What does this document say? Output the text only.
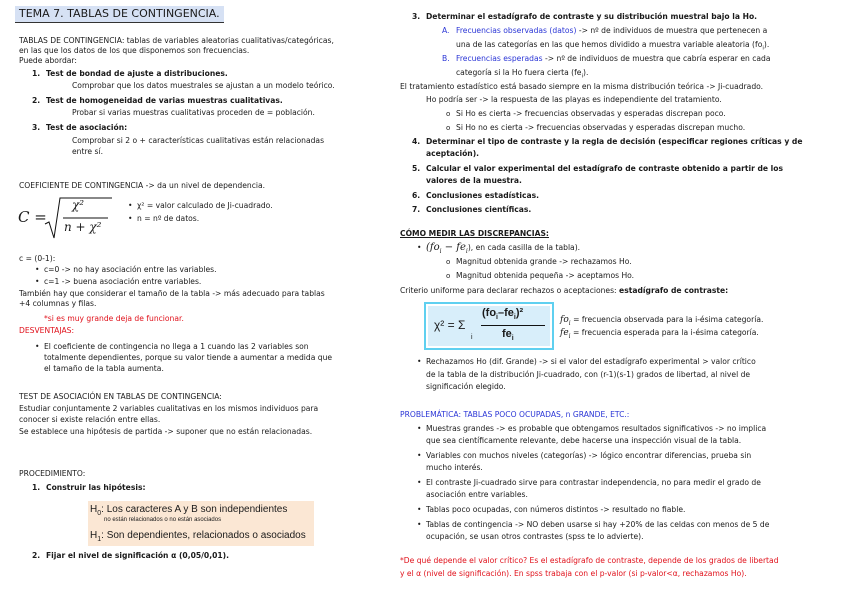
TEMA 7. TABLAS DE CONTINGENCIA.
TABLAS DE CONTINGENCIA: tablas de variables aleatorias cualitativas/categóricas,
en las que los datos de los que disponemos son frecuencias.
Puede abordar:
1. Test de bondad de ajuste a distribuciones.
Comprobar que los datos muestrales se ajustan a un modelo teórico.
2. Test de homogeneidad de varias muestras cualitativas.
Probar si varias muestras cualitativas proceden de = población.
3. Test de asociación:
Comprobar si 2 o + características cualitativas están relacionadas
entre sí.
COEFICIENTE DE CONTINGENCIA -> da un nivel de dependencia.
C =
χ²
n + χ²
• χ² = valor calculado de Ji-cuadrado.
• n = nº de datos.
c = (0-1):
• c=0 -> no hay asociación entre las variables.
• c=1 -> buena asociación entre variables.
También hay que considerar el tamaño de la tabla -> más adecuado para tablas
+4 columnas y filas.
*si es muy grande deja de funcionar.
DESVENTAJAS:
• El coeficiente de contingencia no llega a 1 cuando las 2 variables son
totalmente dependientes, porque su valor tiende a aumentar a medida que
el tamaño de la tabla aumenta.
TEST DE ASOCIACIÓN EN TABLAS DE CONTINGENCIA:
Estudiar conjuntamente 2 variables cualitativas en los mismos individuos para
conocer si existe relación entre ellas.
Se establece una hipótesis de partida -> suponer que no están relacionadas.
PROCEDIMIENTO:
1. Construir las hipótesis:
$H_0$: Los caracteres A y B son independientes
no están relacionados o no están asociados
$H_1$: Son dependientes, relacionados o asociados
2. Fijar el nivel de significación α (0,05/0,01).
3. Determinar el estadígrafo de contraste y su distribución muestral bajo la Ho.
A. Frecuencias observadas (datos) -> nº de individuos de muestra que pertenecen a
una de las categorías en las que hemos dividido a muestra variable aleatoria $(fo_i)$.
B. Frecuencias esperadas -> nº de individuos de muestra que cabría esperar en cada
categoría si la Ho fuera cierta $(fe_i)$.
El tratamiento estadístico está basado siempre en la misma distribución teórica -> Ji-cuadrado.
Ho podría ser -> la respuesta de las playas es independiente del tratamiento.
o Si Ho es cierta -> frecuencias observadas y esperadas discrepan poco.
o Si Ho no es cierta -> frecuencias observadas y esperadas discrepan mucho.
4. Determinar el tipo de contraste y la regla de decisión (especificar regiones críticas y de
aceptación).
5. Calcular el valor experimental del estadígrafo de contraste obtenido a partir de los
valores de la muestra.
6. Conclusiones estadísticas.
7. Conclusiones científicas.
CÓMO MEDIR LAS DISCREPANCIAS:
• $(fo_i - fe_i)$, en cada casilla de la tabla).
o Magnitud obtenida grande -> rechazamos Ho.
o Magnitud obtenida pequeña -> aceptamos Ho.
Criterio uniforme para declarar rechazos o aceptaciones: estadígrafo de contraste:
χ² = Σ
i
$(fo_i-fe_i)^2$
$fe_i$
$fo_i$ = frecuencia observada para la i-ésima categoría.
$fe_i$ = frecuencia esperada para la i-ésima categoría.
• Rechazamos Ho (dif. Grande) -> si el valor del estadígrafo experimental > valor crítico
de la tabla de la distribución Ji-cuadrado, con (r-1)(s-1) grados de libertad, al nivel de
significación elegido.
PROBLEMÁTICA: TABLAS POCO OCUPADAS, n GRANDE, ETC.:
• Muestras grandes -> es probable que obtengamos resultados significativos -> no implica
que sea científicamente relevante, debe hacerse una inspección visual de la tabla.
• Variables con muchos niveles (categorías) -> lógico encontrar diferencias, prueba sin
mucho interés.
• El contraste Ji-cuadrado sirve para contrastar independencia, no para medir el grado de
asociación entre variables.
• Tablas poco ocupadas, con números distintos -> resultado no fiable.
• Tablas de contingencia -> NO deben usarse si hay +20% de las celdas con menos de 5 de
ocupación, se usan otros contrastes (spss te lo advierte).
*De qué depende el valor crítico? Es el estadígrafo de contraste, depende de los grados de libertad
y el α (nivel de significación). En spss trabaja con el p-valor (si p-valor<α, rechazamos Ho).
